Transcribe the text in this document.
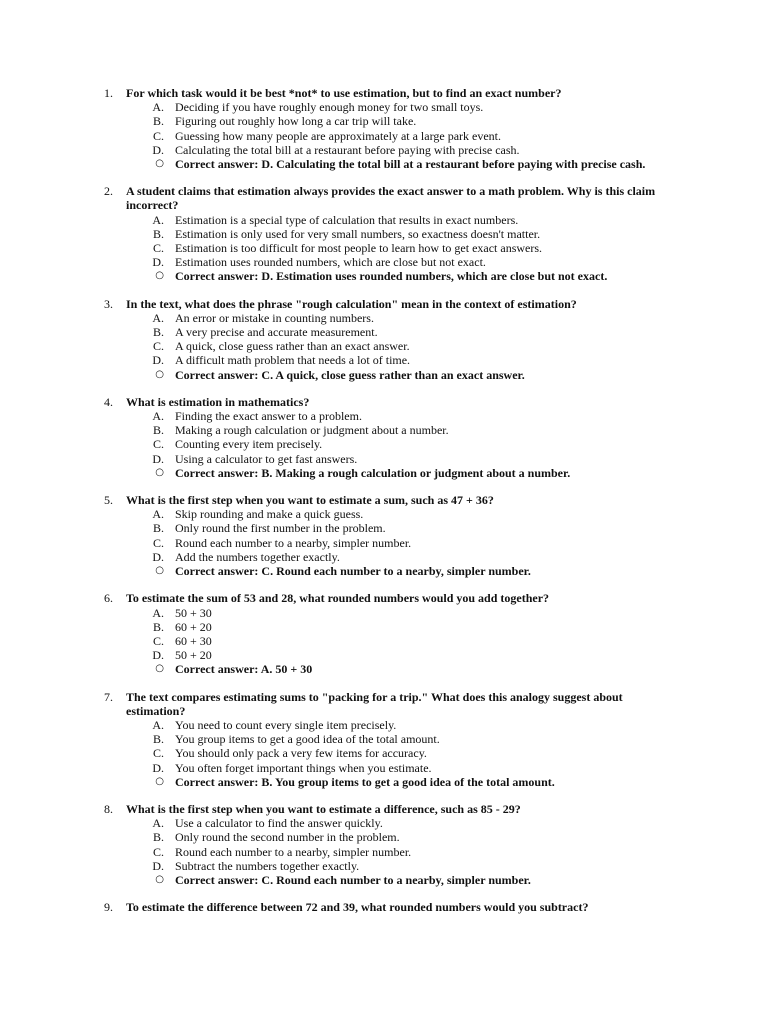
1.	For which task would it be best *not* to use estimation, but to find an exact number?
A. Deciding if you have roughly enough money for two small toys.
B. Figuring out roughly how long a car trip will take.
C. Guessing how many people are approximately at a large park event.
D. Calculating the total bill at a restaurant before paying with precise cash.
○ Correct answer: D. Calculating the total bill at a restaurant before paying with precise cash.
2.	A student claims that estimation always provides the exact answer to a math problem. Why is this claim incorrect?
A. Estimation is a special type of calculation that results in exact numbers.
B. Estimation is only used for very small numbers, so exactness doesn't matter.
C. Estimation is too difficult for most people to learn how to get exact answers.
D. Estimation uses rounded numbers, which are close but not exact.
○ Correct answer: D. Estimation uses rounded numbers, which are close but not exact.
3.	In the text, what does the phrase "rough calculation" mean in the context of estimation?
A. An error or mistake in counting numbers.
B. A very precise and accurate measurement.
C. A quick, close guess rather than an exact answer.
D. A difficult math problem that needs a lot of time.
○ Correct answer: C. A quick, close guess rather than an exact answer.
4.	What is estimation in mathematics?
A. Finding the exact answer to a problem.
B. Making a rough calculation or judgment about a number.
C. Counting every item precisely.
D. Using a calculator to get fast answers.
○ Correct answer: B. Making a rough calculation or judgment about a number.
5.	What is the first step when you want to estimate a sum, such as 47 + 36?
A. Skip rounding and make a quick guess.
B. Only round the first number in the problem.
C. Round each number to a nearby, simpler number.
D. Add the numbers together exactly.
○ Correct answer: C. Round each number to a nearby, simpler number.
6.	To estimate the sum of 53 and 28, what rounded numbers would you add together?
A. 50 + 30
B. 60 + 20
C. 60 + 30
D. 50 + 20
○ Correct answer: A. 50 + 30
7.	The text compares estimating sums to "packing for a trip." What does this analogy suggest about estimation?
A. You need to count every single item precisely.
B. You group items to get a good idea of the total amount.
C. You should only pack a very few items for accuracy.
D. You often forget important things when you estimate.
○ Correct answer: B. You group items to get a good idea of the total amount.
8.	What is the first step when you want to estimate a difference, such as 85 - 29?
A. Use a calculator to find the answer quickly.
B. Only round the second number in the problem.
C. Round each number to a nearby, simpler number.
D. Subtract the numbers together exactly.
○ Correct answer: C. Round each number to a nearby, simpler number.
9.	To estimate the difference between 72 and 39, what rounded numbers would you subtract?
